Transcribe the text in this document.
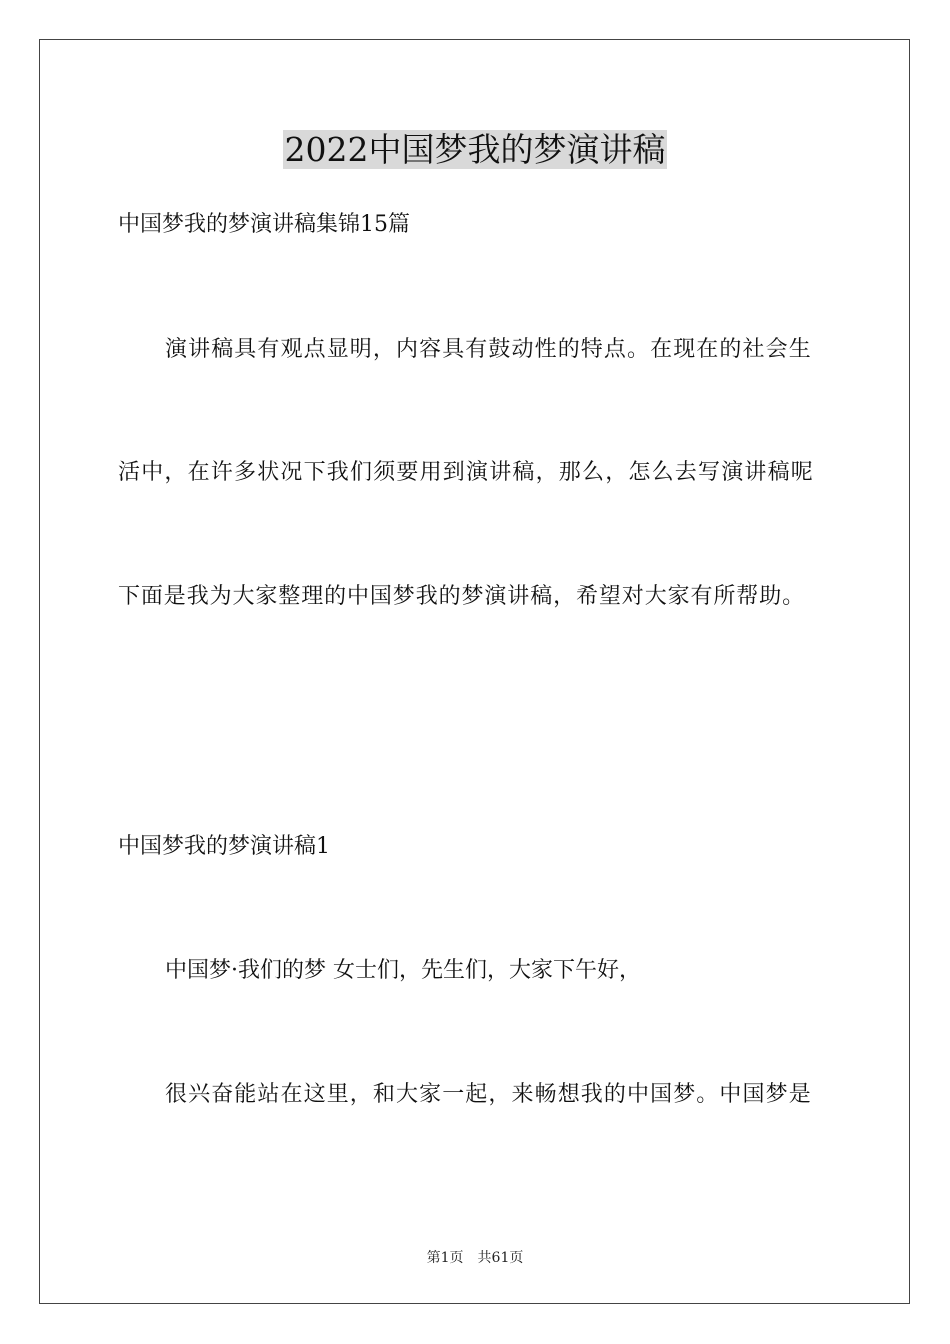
2022中国梦我的梦演讲稿
中国梦我的梦演讲稿集锦15篇
演讲稿具有观点显明，内容具有鼓动性的特点。在现在的社会生
活中，在许多状况下我们须要用到演讲稿，那么，怎么去写演讲稿呢
下面是我为大家整理的中国梦我的梦演讲稿，希望对大家有所帮助。
中国梦我的梦演讲稿1
中国梦·我们的梦 女士们，先生们，大家下午好，
很兴奋能站在这里，和大家一起，来畅想我的中国梦。中国梦是
第1页 共61页
